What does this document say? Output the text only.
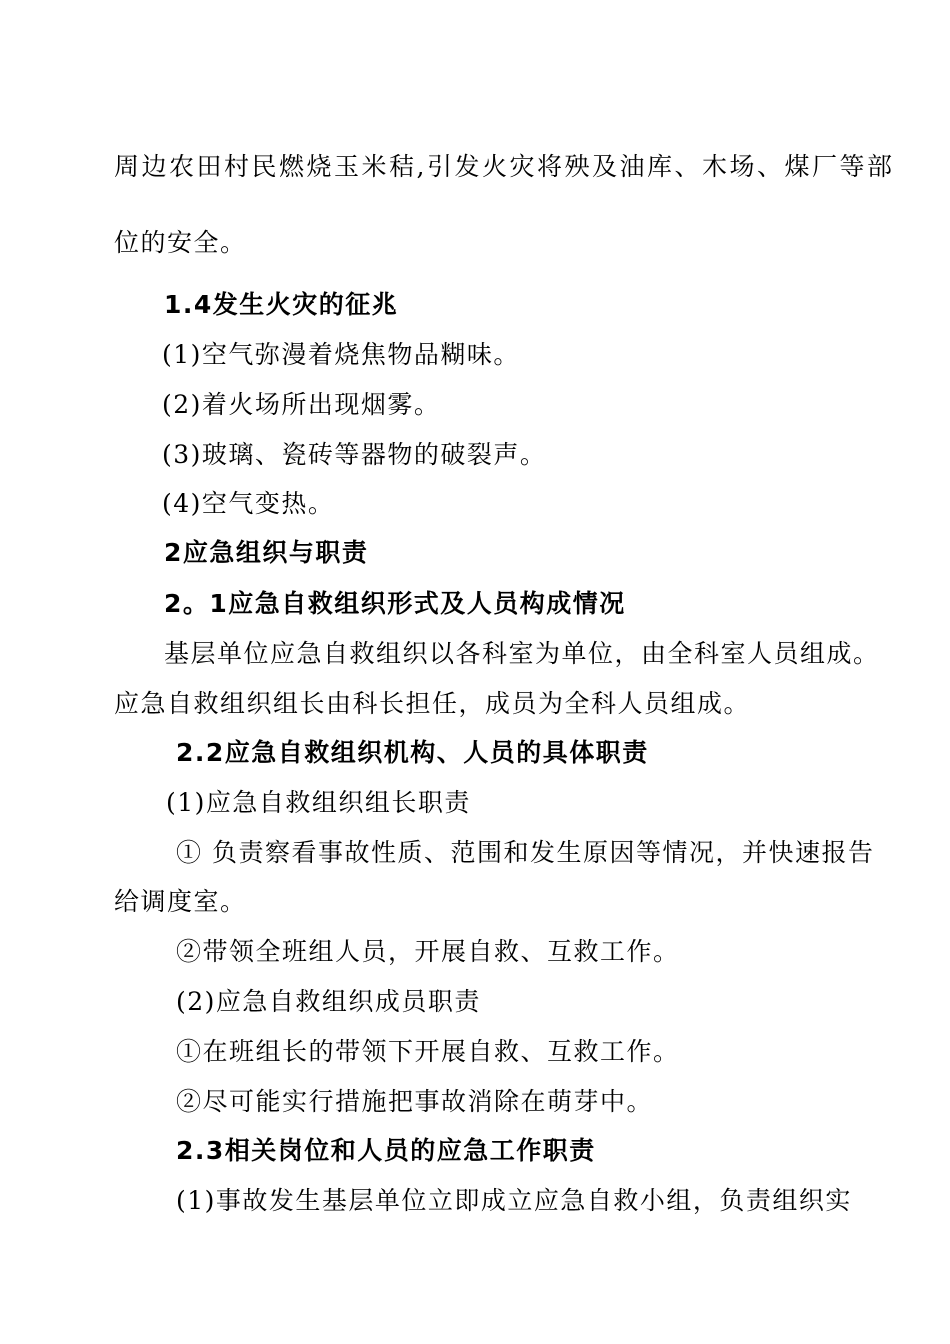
周边农田村民燃烧玉米秸,引发火灾将殃及油库、木场、煤厂等部
位的安全。
1.4发生火灾的征兆
(1)空气弥漫着烧焦物品糊味。
(2)着火场所出现烟雾。
(3)玻璃、瓷砖等器物的破裂声。
(4)空气变热。
2应急组织与职责
2。1应急自救组织形式及人员构成情况
基层单位应急自救组织以各科室为单位，由全科室人员组成。
应急自救组织组长由科长担任，成员为全科人员组成。
2.2应急自救组织机构、人员的具体职责
(1)应急自救组织组长职责
① 负责察看事故性质、范围和发生原因等情况，并快速报告
给调度室。
②带领全班组人员，开展自救、互救工作。
(2)应急自救组织成员职责
①在班组长的带领下开展自救、互救工作。
②尽可能实行措施把事故消除在萌芽中。
2.3相关岗位和人员的应急工作职责
(1)事故发生基层单位立即成立应急自救小组，负责组织实
